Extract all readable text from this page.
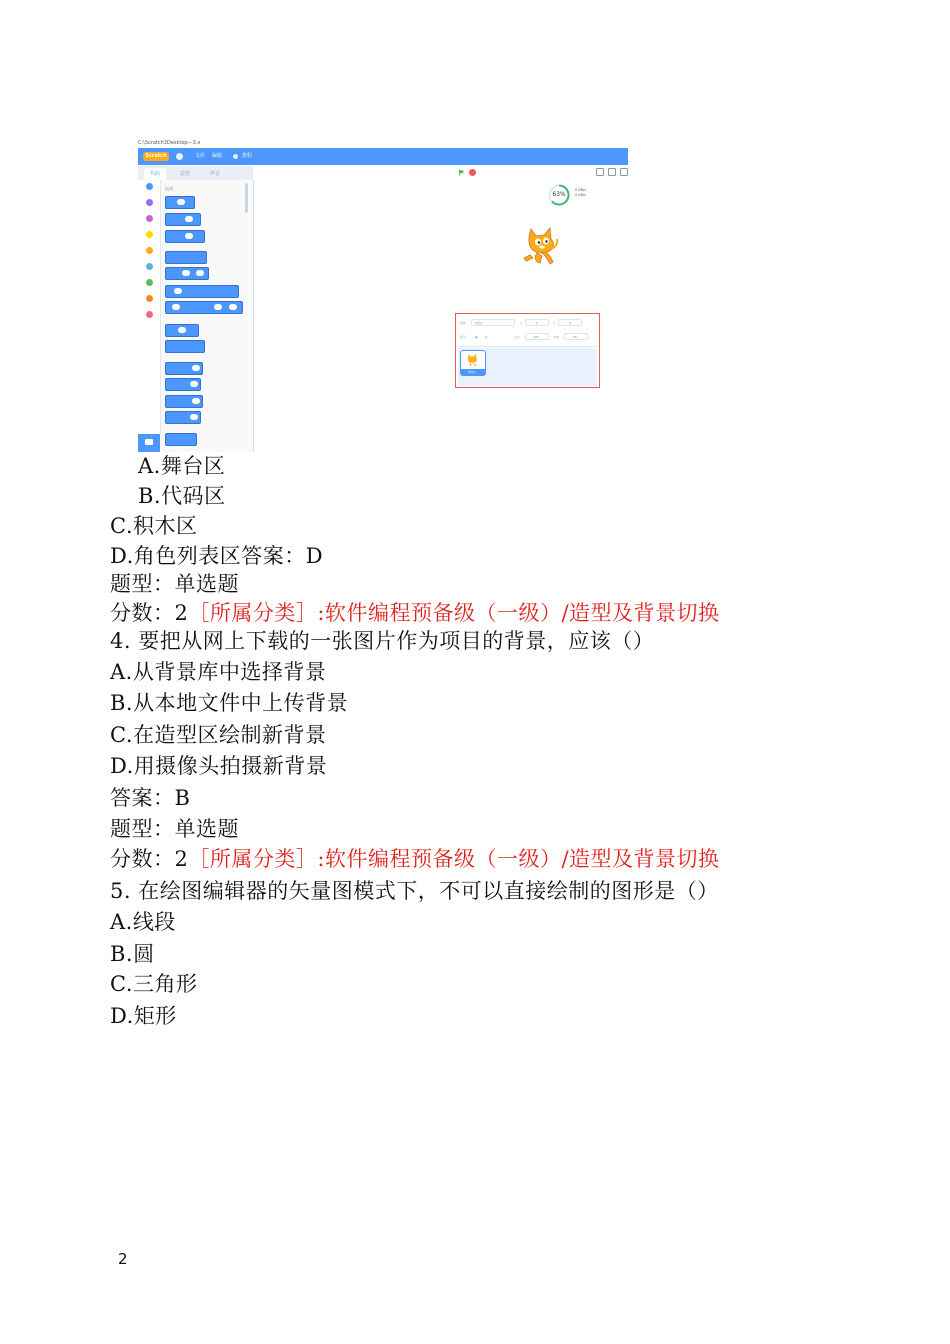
C:\Scratch3Desktop—3.x
Scratch	文件 编辑	教程
代码	造型	声音
运动
63%
0 KB/s
0 KB/s
角色	角色1	x	0	y	0
显示	◉ ◎	大小	100	方向	90
角色1
A.舞台区
B.代码区
C.积木区
D.角色列表区答案：D
题型：单选题
分数：2［所属分类］:软件编程预备级（一级）/造型及背景切换
4. 要把从网上下载的一张图片作为项目的背景，应该（）
A.从背景库中选择背景
B.从本地文件中上传背景
C.在造型区绘制新背景
D.用摄像头拍摄新背景
答案：B
题型：单选题
分数：2［所属分类］:软件编程预备级（一级）/造型及背景切换
5. 在绘图编辑器的矢量图模式下，不可以直接绘制的图形是（）
A.线段
B.圆
C.三角形
D.矩形
2
